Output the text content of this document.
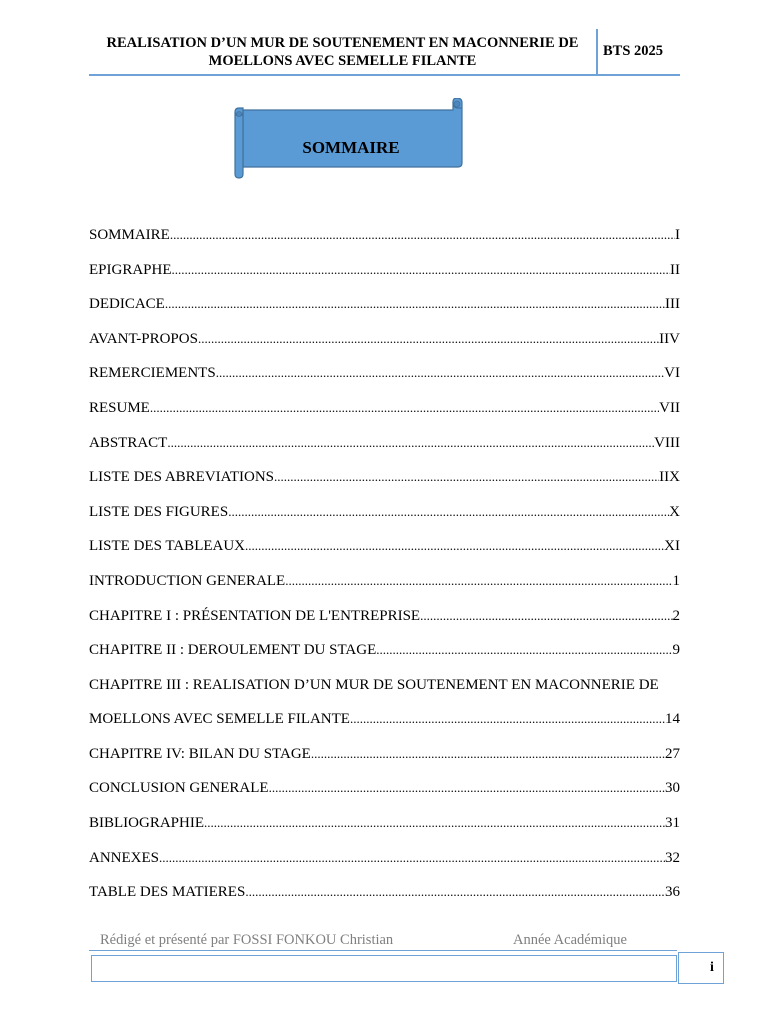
REALISATION D’UN MUR DE SOUTENEMENT EN MACONNERIE DE MOELLONS AVEC SEMELLE FILANTE
BTS 2025
SOMMAIRE
SOMMAIRE .....	I
EPIGRAPHE .....	II
DEDICACE .....	III
AVANT-PROPOS .....	IIV
REMERCIEMENTS .....	VI
RESUME .....	VII
ABSTRACT .....	VIII
LISTE DES ABREVIATIONS .....	IIX
LISTE DES FIGURES .....	X
LISTE DES TABLEAUX .....	XI
INTRODUCTION GENERALE .....	1
CHAPITRE I : PRÉSENTATION DE L'ENTREPRISE .....	2
CHAPITRE II : DEROULEMENT DU STAGE .....	9
CHAPITRE III : REALISATION D’UN MUR DE SOUTENEMENT EN MACONNERIE DE
MOELLONS AVEC SEMELLE FILANTE .....	14
CHAPITRE IV: BILAN DU STAGE .....	27
CONCLUSION GENERALE .....	30
BIBLIOGRAPHIE .....	31
ANNEXES .....	32
TABLE DES MATIERES .....	36
Rédigé et présenté par FOSSI FONKOU Christian	Année Académique
i
